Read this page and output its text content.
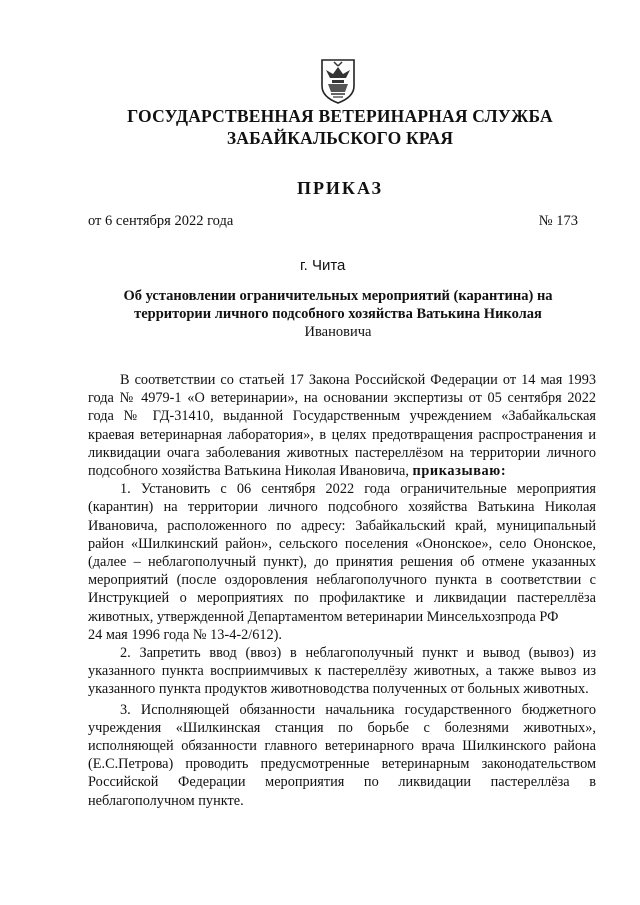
ГОСУДАРСТВЕННАЯ ВЕТЕРИНАРНАЯ СЛУЖБА
ЗАБАЙКАЛЬСКОГО КРАЯ
ПРИКАЗ
от 6 сентября 2022 года	№ 173
г. Чита
Об установлении ограничительных мероприятий (карантина) на территории личного подсобного хозяйства Ватькина Николая
Ивановича

В соответствии со статьей 17 Закона Российской Федерации от 14 мая 1993 года № 4979-1 «О ветеринарии», на основании экспертизы от 05 сентября 2022 года № ГД-31410, выданной Государственным учреждением «Забайкальская краевая ветеринарная лаборатория», в целях предотвращения распространения и ликвидации очага заболевания животных пастереллёзом на территории личного подсобного хозяйства Ватькина Николая Ивановича, приказываю:

1. Установить с 06 сентября 2022 года ограничительные мероприятия (карантин) на территории личного подсобного хозяйства Ватькина Николая Ивановича, расположенного по адресу: Забайкальский край, муниципальный район «Шилкинский район», сельского поселения «Ононское», село Ононское, (далее – неблагополучный пункт), до принятия решения об отмене указанных мероприятий (после оздоровления неблагополучного пункта в соответствии с Инструкцией о мероприятиях по профилактике и ликвидации пастереллёза животных, утвержденной Департаментом ветеринарии Минсельхозпрода РФ

24 мая 1996 года № 13-4-2/612).

2. Запретить ввод (ввоз) в неблагополучный пункт и вывод (вывоз) из указанного пункта восприимчивых к пастереллёзу животных, а также вывоз из указанного пункта продуктов животноводства полученных от больных животных.

3. Исполняющей обязанности начальника государственного бюджетного учреждения «Шилкинская станция по борьбе с болезнями животных», исполняющей обязанности главного ветеринарного врача Шилкинского района (Е.С.Петрова) проводить предусмотренные ветеринарным законодательством Российской Федерации мероприятия по ликвидации пастереллёза в неблагополучном пункте.
